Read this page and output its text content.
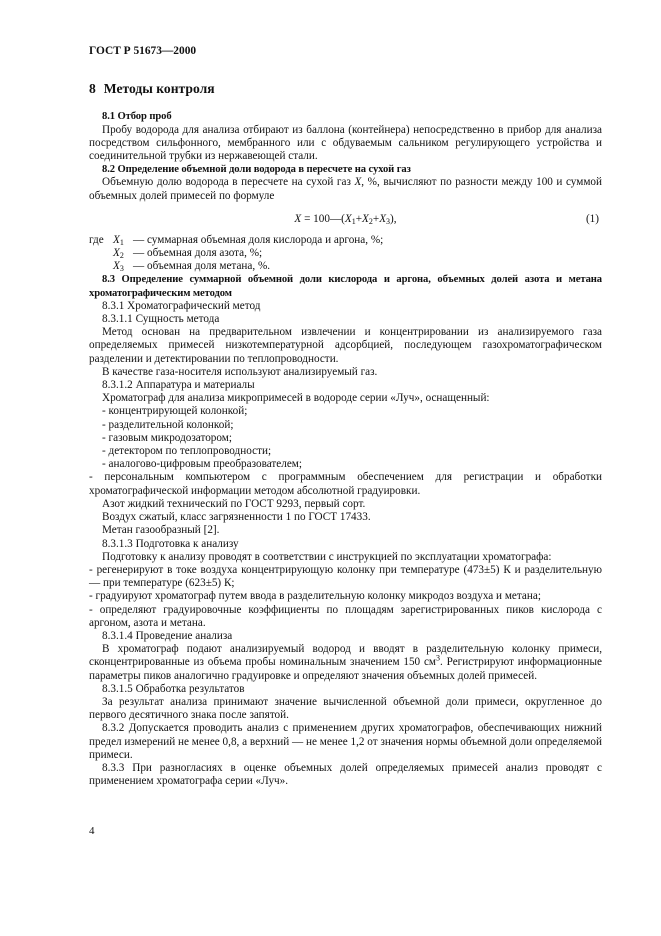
ГОСТ Р 51673—2000
8 Методы контроля
8.1 Отбор проб
Пробу водорода для анализа отбирают из баллона (контейнера) непосредственно в прибор для анализа посредством сильфонного, мембранного или с обдуваемым сальником регулирующего устройства и соединительной трубки из нержавеющей стали.
8.2 Определение объемной доли водорода в пересчете на сухой газ
Объемную долю водорода в пересчете на сухой газ X, %, вычисляют по разности между 100 и суммой объемных долей примесей по формуле
$X = 100—(X_1+X_2+X_3)$,	(1)
где $X_1$ — суммарная объемная доля кислорода и аргона, %;
$X_2$ — объемная доля азота, %;
$X_3$ — объемная доля метана, %.
8.3 Определение суммарной объемной доли кислорода и аргона, объемных долей азота и метана хроматографическим методом
8.3.1 Хроматографический метод
8.3.1.1 Сущность метода
Метод основан на предварительном извлечении и концентрировании из анализируемого газа определяемых примесей низкотемпературной адсорбцией, последующем газохроматографическом разделении и детектировании по теплопроводности.
В качестве газа-носителя используют анализируемый газ.
8.3.1.2 Аппаратура и материалы
Хроматограф для анализа микропримесей в водороде серии «Луч», оснащенный:
- концентрирующей колонкой;
- разделительной колонкой;
- газовым микродозатором;
- детектором по теплопроводности;
- аналогово-цифровым преобразователем;
- персональным компьютером с программным обеспечением для регистрации и обработки хроматографической информации методом абсолютной градуировки.
Азот жидкий технический по ГОСТ 9293, первый сорт.
Воздух сжатый, класс загрязненности 1 по ГОСТ 17433.
Метан газообразный [2].
8.3.1.3 Подготовка к анализу
Подготовку к анализу проводят в соответствии с инструкцией по эксплуатации хроматографа:
- регенерируют в токе воздуха концентрирующую колонку при температуре (473±5) К и разделительную — при температуре (623±5) К;
- градуируют хроматограф путем ввода в разделительную колонку микродоз воздуха и метана;
- определяют градуировочные коэффициенты по площадям зарегистрированных пиков кислорода с аргоном, азота и метана.
8.3.1.4 Проведение анализа
В хроматограф подают анализируемый водород и вводят в разделительную колонку примеси, сконцентрированные из объема пробы номинальным значением 150 $см^3$. Регистрируют информационные параметры пиков аналогично градуировке и определяют значения объемных долей примесей.
8.3.1.5 Обработка результатов
За результат анализа принимают значение вычисленной объемной доли примеси, округленное до первого десятичного знака после запятой.
8.3.2 Допускается проводить анализ с применением других хроматографов, обеспечивающих нижний предел измерений не менее 0,8, а верхний — не менее 1,2 от значения нормы объемной доли определяемой примеси.
8.3.3 При разногласиях в оценке объемных долей определяемых примесей анализ проводят с применением хроматографа серии «Луч».
4
